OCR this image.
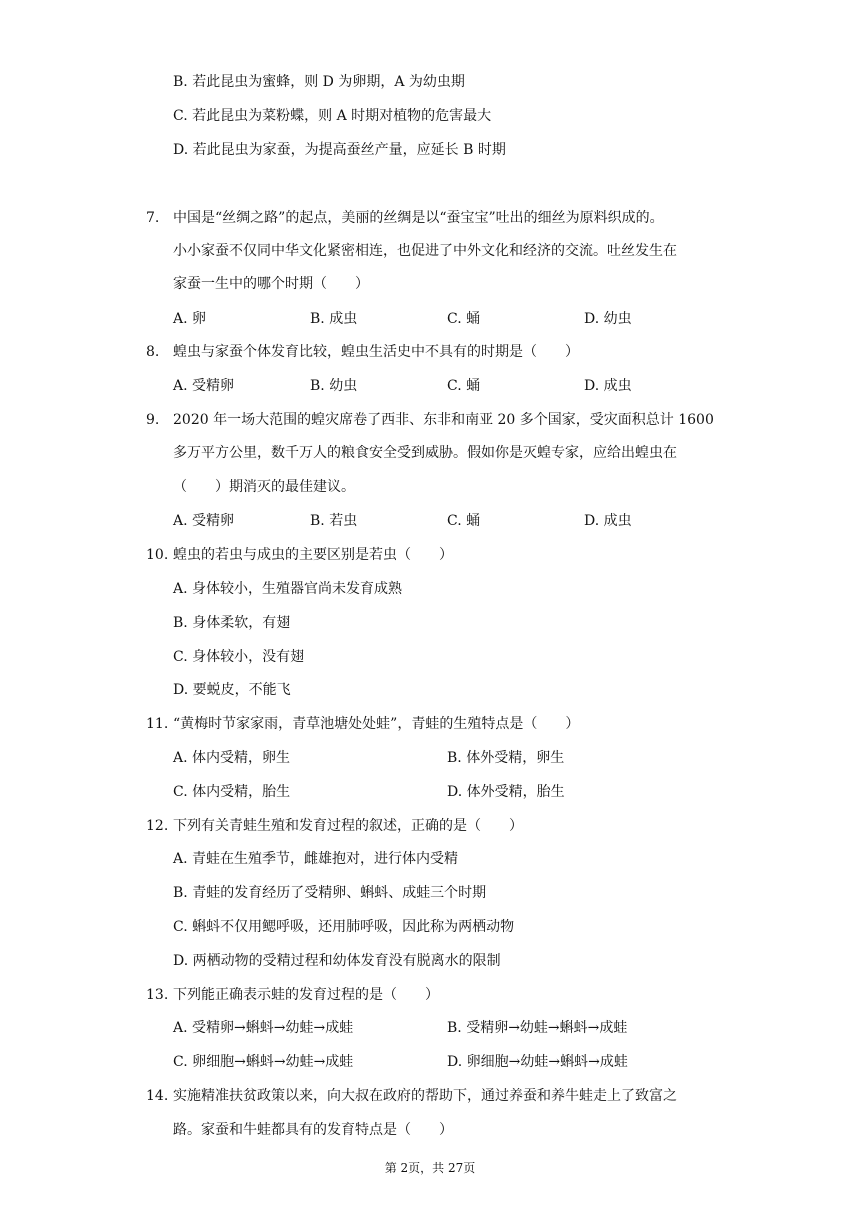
B. 若此昆虫为蜜蜂，则 D 为卵期，A 为幼虫期
C. 若此昆虫为菜粉蝶，则 A 时期对植物的危害最大
D. 若此昆虫为家蚕，为提高蚕丝产量，应延长 B 时期
7. 中国是“丝绸之路”的起点，美丽的丝绸是以“蚕宝宝”吐出的细丝为原料织成的。
小小家蚕不仅同中华文化紧密相连，也促进了中外文化和经济的交流。吐丝发生在
家蚕一生中的哪个时期（　　）
A. 卵	B. 成虫	C. 蛹	D. 幼虫
8. 蝗虫与家蚕个体发育比较，蝗虫生活史中不具有的时期是（　　）
A. 受精卵	B. 幼虫	C. 蛹	D. 成虫
9. 2020 年一场大范围的蝗灾席卷了西非、东非和南亚 20 多个国家，受灾面积总计 1600
多万平方公里，数千万人的粮食安全受到威胁。假如你是灭蝗专家，应给出蝗虫在
（　　）期消灭的最佳建议。
A. 受精卵	B. 若虫	C. 蛹	D. 成虫
10. 蝗虫的若虫与成虫的主要区别是若虫（　　）
A. 身体较小，生殖器官尚未发育成熟
B. 身体柔软，有翅
C. 身体较小，没有翅
D. 要蜕皮，不能飞
11. “黄梅时节家家雨，青草池塘处处蛙”，青蛙的生殖特点是（　　）
A. 体内受精，卵生	B. 体外受精，卵生
C. 体内受精，胎生	D. 体外受精，胎生
12. 下列有关青蛙生殖和发育过程的叙述，正确的是（　　）
A. 青蛙在生殖季节，雌雄抱对，进行体内受精
B. 青蛙的发育经历了受精卵、蝌蚪、成蛙三个时期
C. 蝌蚪不仅用鳃呼吸，还用肺呼吸，因此称为两栖动物
D. 两栖动物的受精过程和幼体发育没有脱离水的限制
13. 下列能正确表示蛙的发育过程的是（　　）
A. 受精卵→蝌蚪→幼蛙→成蛙	B. 受精卵→幼蛙→蝌蚪→成蛙
C. 卵细胞→蝌蚪→幼蛙→成蛙	D. 卵细胞→幼蛙→蝌蚪→成蛙
14. 实施精准扶贫政策以来，向大叔在政府的帮助下，通过养蚕和养牛蛙走上了致富之
路。家蚕和牛蛙都具有的发育特点是（　　）
第 2页，共 27页
